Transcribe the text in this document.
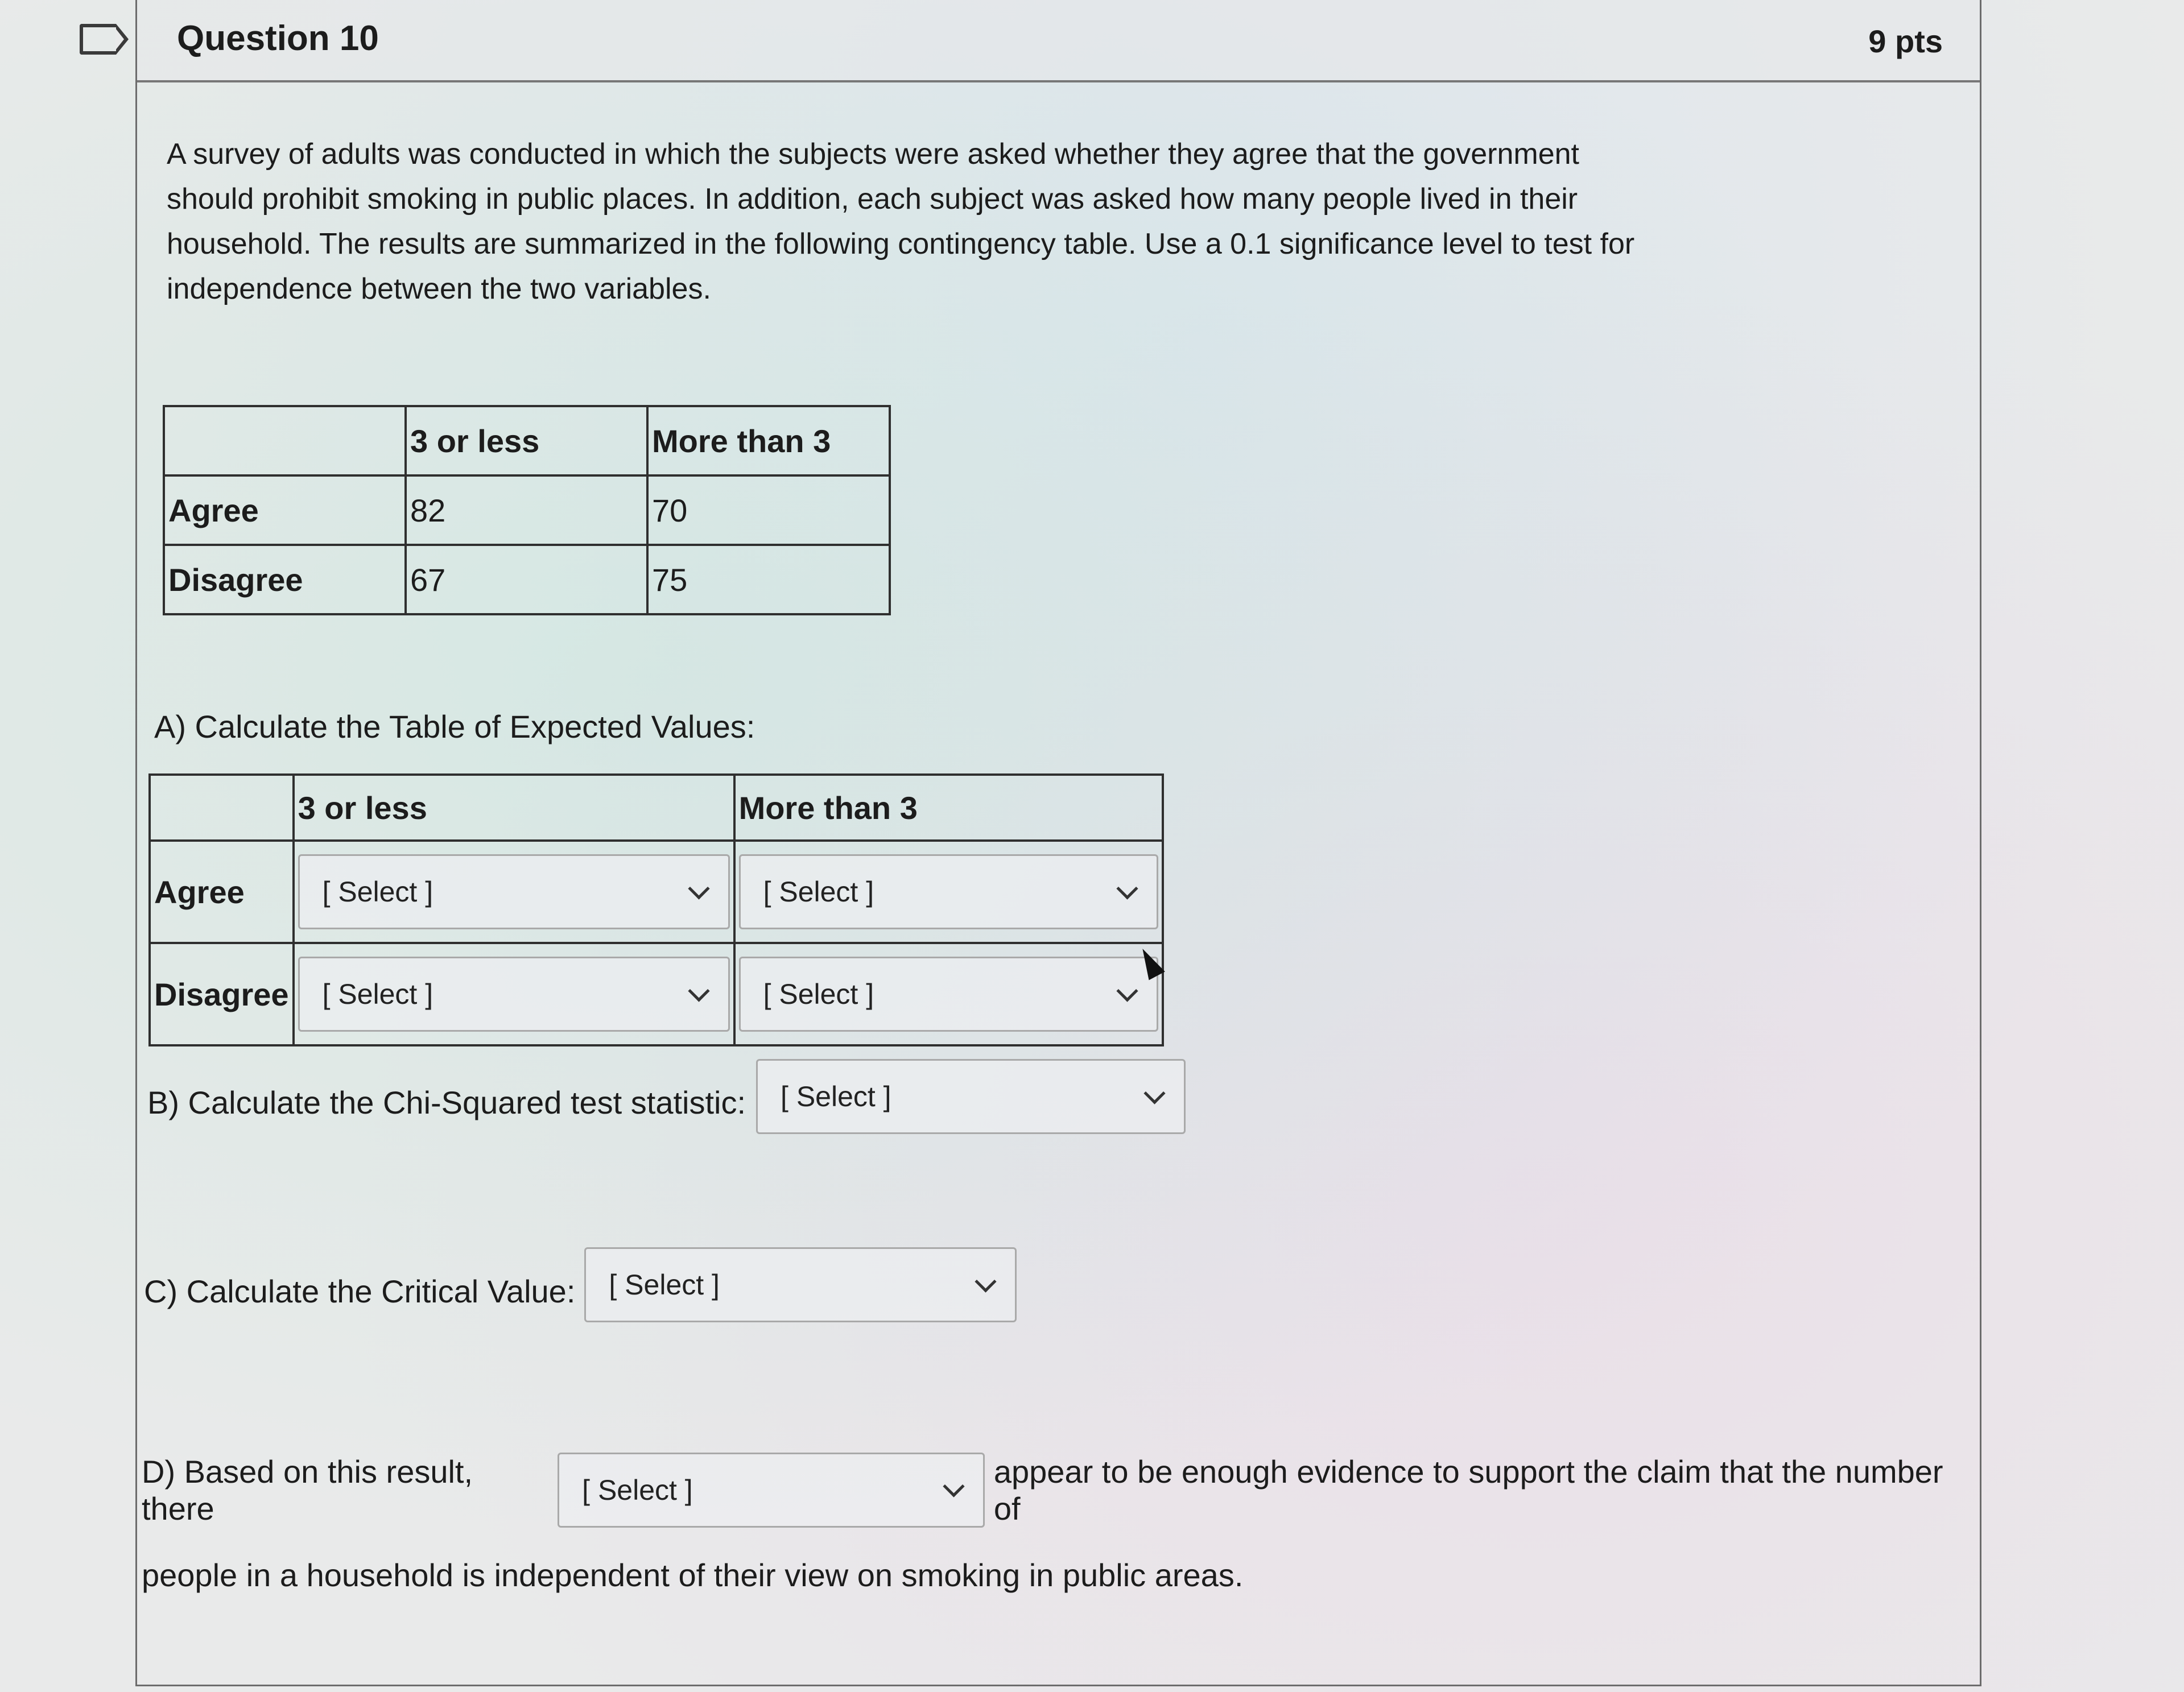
Question 10	9 pts
A survey of adults was conducted in which the subjects were asked whether they agree that the government should prohibit smoking in public places. In addition, each subject was asked how many people lived in their household. The results are summarized in the following contingency table. Use a 0.1 significance level to test for independence between the two variables.
	3 or less	More than 3
Agree	82	70
Disagree	67	75
A) Calculate the Table of Expected Values:
	3 or less	More than 3
Agree	[ Select ]	[ Select ]

Disagree	[ Select ]	[ Select ]
B) Calculate the Chi-Squared test statistic: [ Select ]
C) Calculate the Critical Value: [ Select ]
D) Based on this result, there
[ Select ]
appear to be enough evidence to support the claim that the number of
people in a household is independent of their view on smoking in public areas.
